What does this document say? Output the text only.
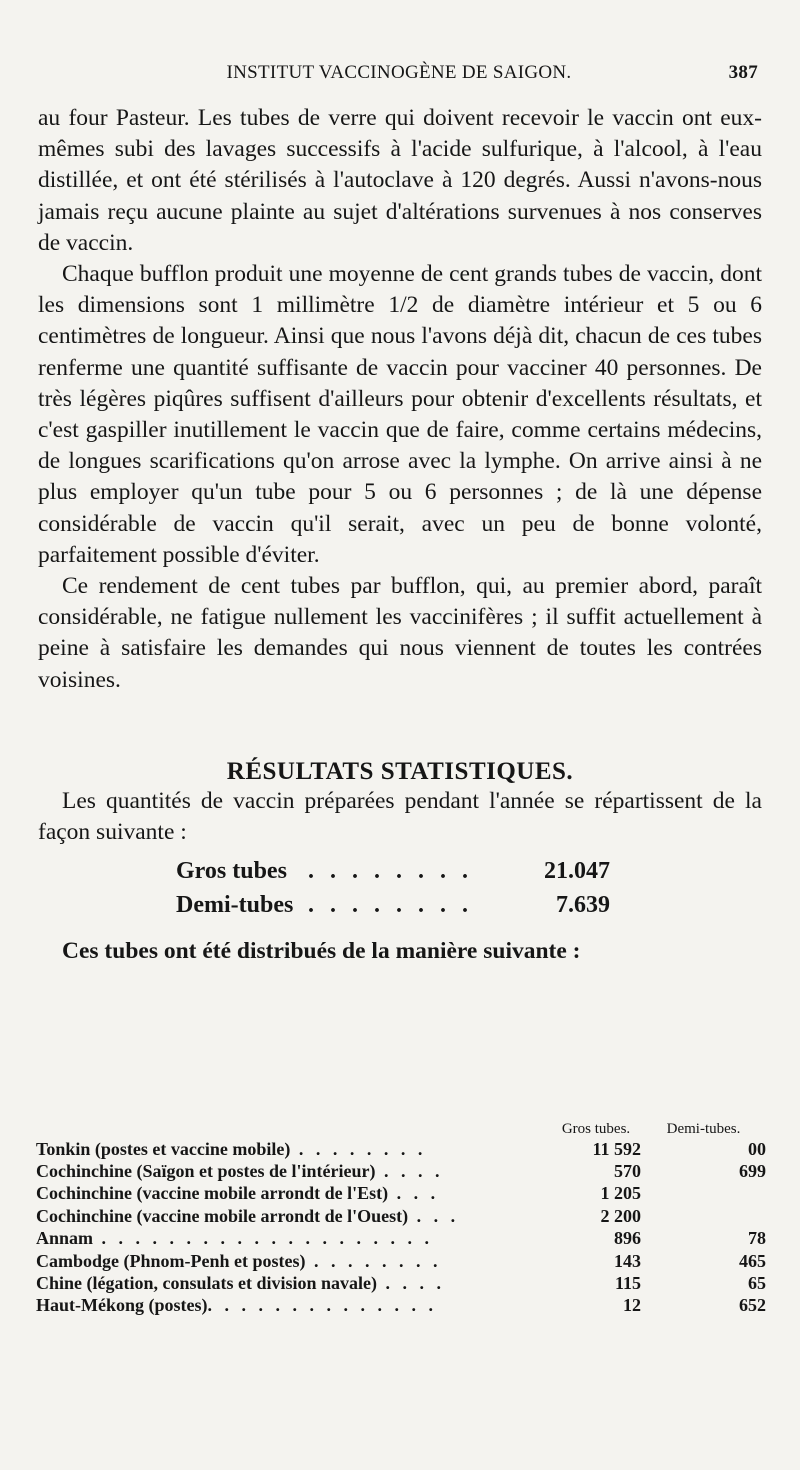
INSTITUT VACCINOGÈNE DE SAIGON.	387

au four Pasteur. Les tubes de verre qui doivent recevoir le vaccin ont eux-mêmes subi des lavages successifs à l'acide sulfurique, à l'alcool, à l'eau distillée, et ont été stérilisés à l'autoclave à 120 degrés. Aussi n'avons-nous jamais reçu aucune plainte au sujet d'altérations survenues à nos conserves de vaccin.

Chaque bufflon produit une moyenne de cent grands tubes de vaccin, dont les dimensions sont 1 millimètre 1/2 de diamètre intérieur et 5 ou 6 centimètres de longueur. Ainsi que nous l'avons déjà dit, chacun de ces tubes renferme une quantité suffisante de vaccin pour vacciner 40 personnes. De très légères piqûres suffisent d'ailleurs pour obtenir d'excellents résultats, et c'est gaspiller inutillement le vaccin que de faire, comme certains médecins, de longues scarifications qu'on arrose avec la lymphe. On arrive ainsi à ne plus employer qu'un tube pour 5 ou 6 personnes ; de là une dépense considérable de vaccin qu'il serait, avec un peu de bonne volonté, parfaitement possible d'éviter.

Ce rendement de cent tubes par bufflon, qui, au premier abord, paraît considérable, ne fatigue nullement les vaccinifères ; il suffit actuellement à peine à satisfaire les demandes qui nous viennent de toutes les contrées voisines.

RÉSULTATS STATISTIQUES.

Les quantités de vaccin préparées pendant l'année se répartissent de la façon suivante :

Gros tubes . . . . . . . .	21.047
Demi-tubes . . . . . . . .	7.639
Ces tubes ont été distribués de la manière suivante :
	Gros tubes.	Demi-tubes.
Tonkin (postes et vaccine mobile) . . . . . . . .	11 592	00
Cochinchine (Saïgon et postes de l'intérieur) . . . .	570	699
Cochinchine (vaccine mobile arrondt de l'Est) . . .	1 205	
Cochinchine (vaccine mobile arrondt de l'Ouest) . . .	2 200	
Annam . . . . . . . . . . . . . . . . . . . .	896	78
Cambodge (Phnom-Penh et postes) . . . . . . . .	143	465
Chine (légation, consulats et division navale) . . . .	115	65
Haut-Mékong (postes). . . . . . . . . . . . . .	12	652
